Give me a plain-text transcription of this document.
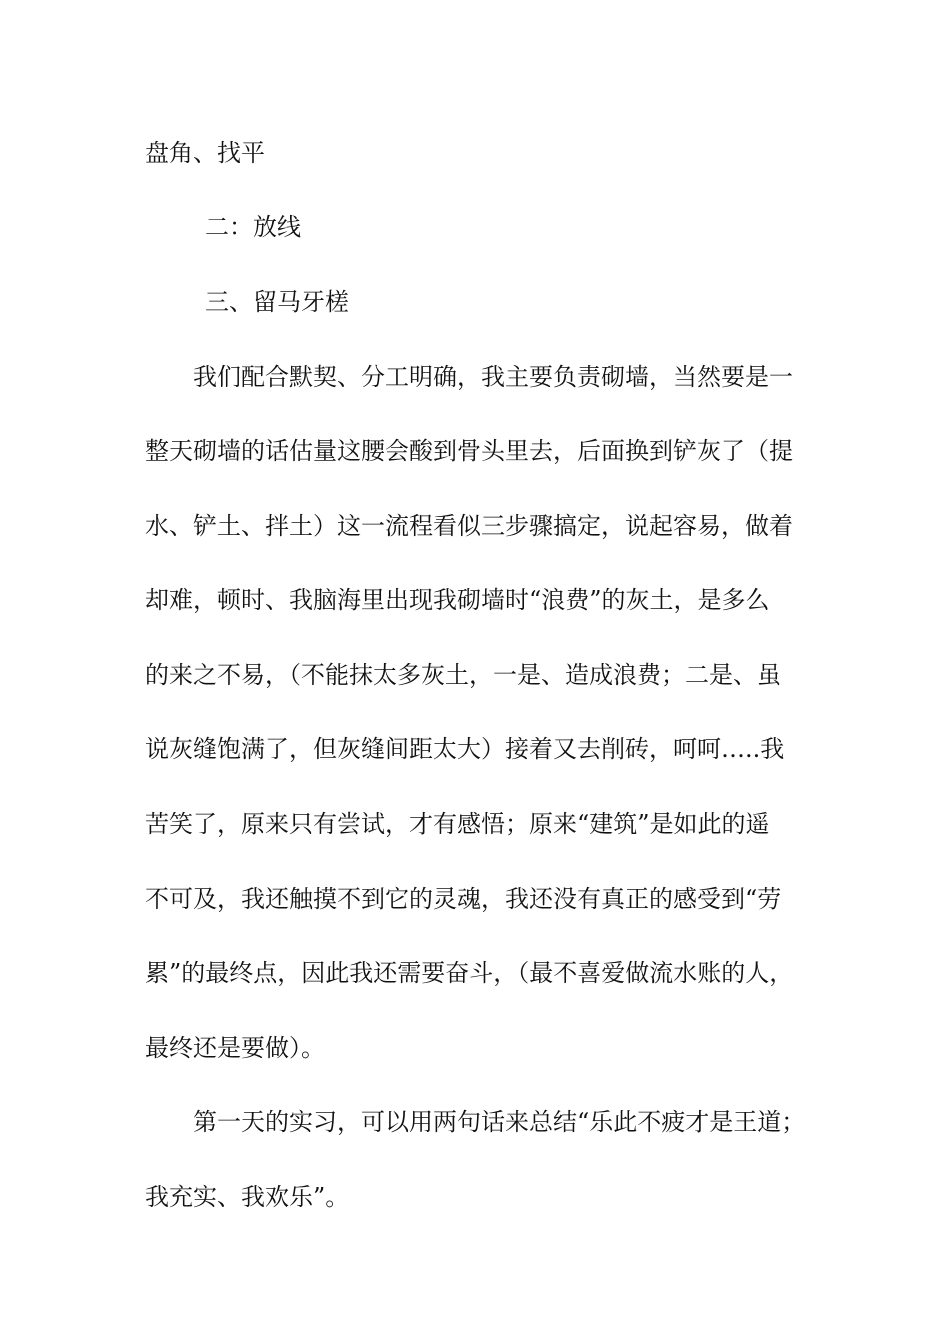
盘角、找平
二：放线
三、留马牙槎
我们配合默契、分工明确，我主要负责砌墙，当然要是一
整天砌墙的话估量这腰会酸到骨头里去，后面换到铲灰了（提
水、铲土、拌土）这一流程看似三步骤搞定，说起容易，做着
却难，顿时、我脑海里出现我砌墙时“浪费”的灰土，是多么
的来之不易，（不能抹太多灰土，一是、造成浪费；二是、虽
说灰缝饱满了，但灰缝间距太大）接着又去削砖，呵呵…..我
苦笑了，原来只有尝试，才有感悟；原来“建筑”是如此的遥
不可及，我还触摸不到它的灵魂，我还没有真正的感受到“劳
累”的最终点，因此我还需要奋斗，（最不喜爱做流水账的人，
最终还是要做）。
第一天的实习，可以用两句话来总结“乐此不疲才是王道；
我充实、我欢乐”。
